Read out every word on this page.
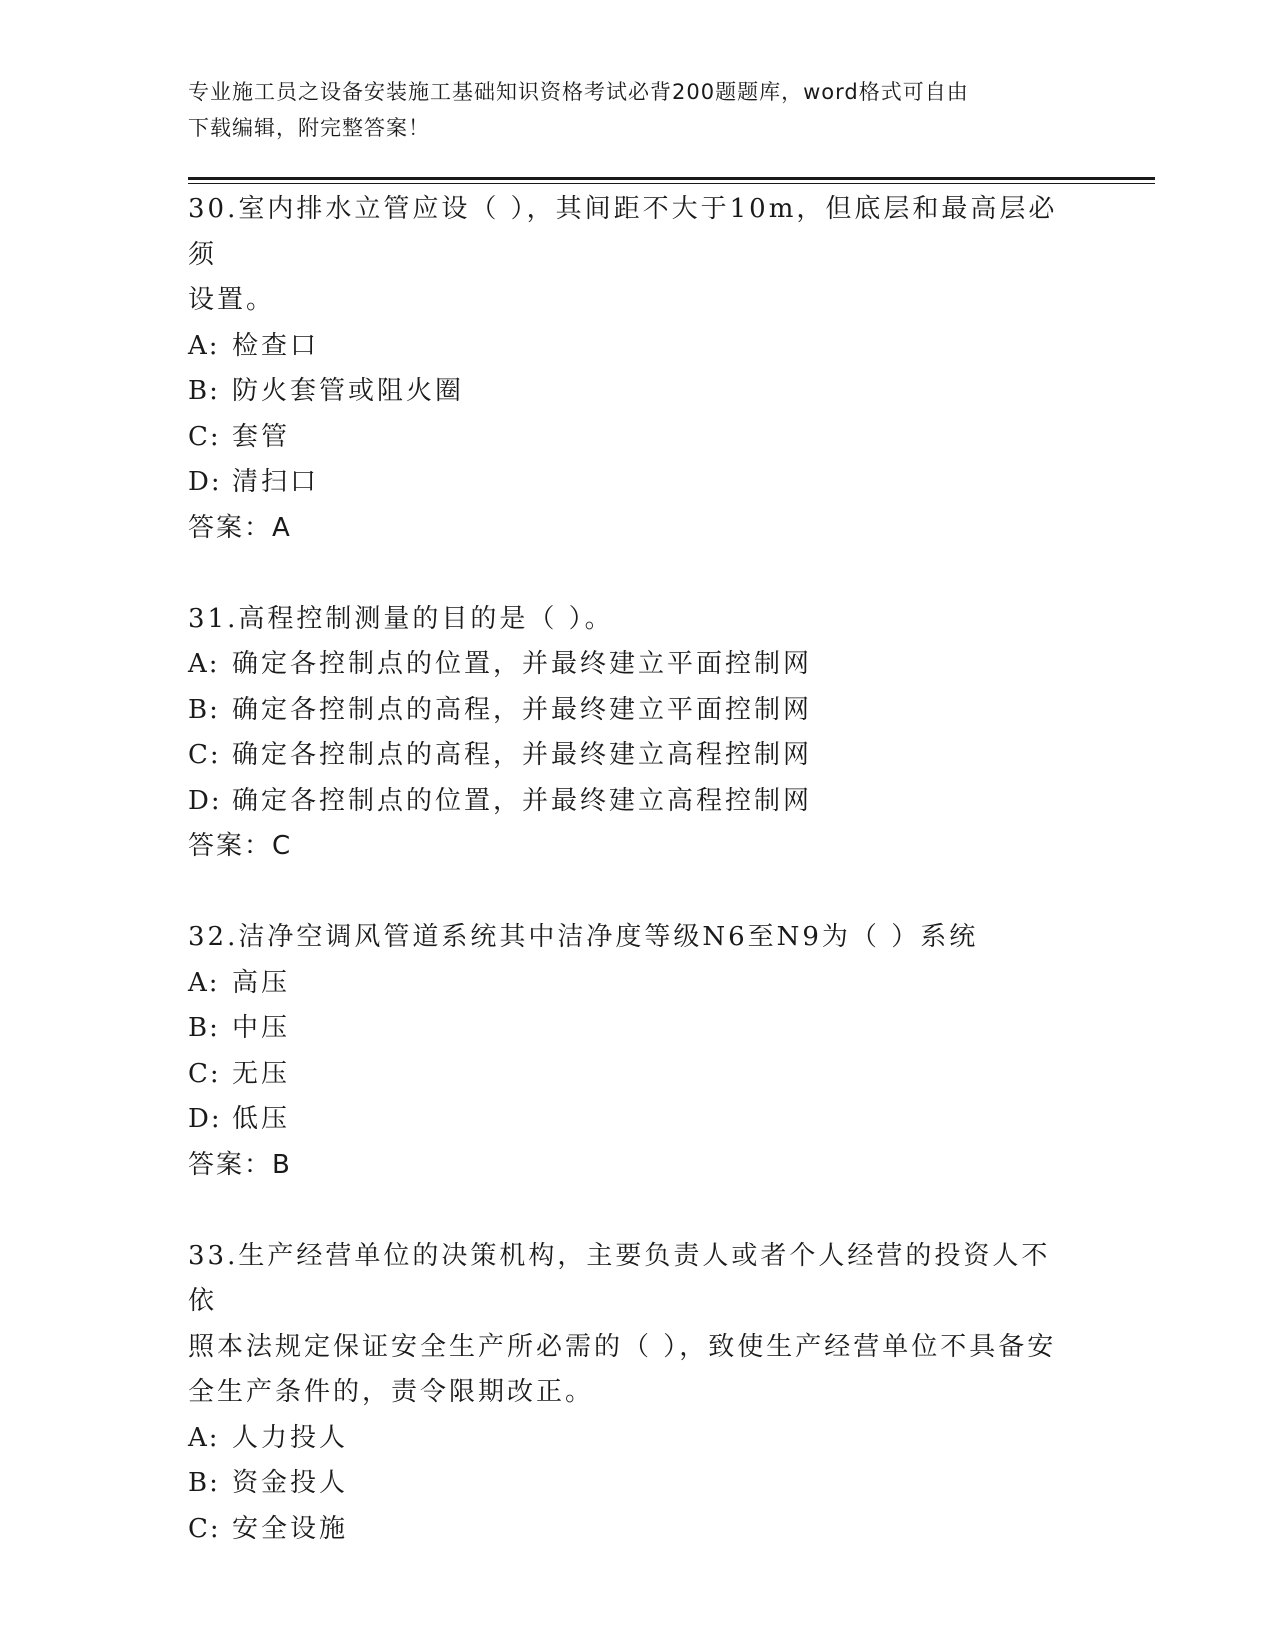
专业施工员之设备安装施工基础知识资格考试必背200题题库，word格式可自由
下载编辑，附完整答案！
30.室内排水立管应设（ ），其间距不大于10m，但底层和最高层必须
设置。
A: 检查口
B: 防火套管或阻火圈
C: 套管
D: 清扫口
答案：A
31.高程控制测量的目的是（ ）。
A: 确定各控制点的位置，并最终建立平面控制网
B: 确定各控制点的高程，并最终建立平面控制网
C: 确定各控制点的高程，并最终建立高程控制网
D: 确定各控制点的位置，并最终建立高程控制网
答案：C
32.洁净空调风管道系统其中洁净度等级N6至N9为（ ）系统
A: 高压
B: 中压
C: 无压
D: 低压
答案：B
33.生产经营单位的决策机构，主要负责人或者个人经营的投资人不依
照本法规定保证安全生产所必需的（ ），致使生产经营单位不具备安
全生产条件的，责令限期改正。
A: 人力投人
B: 资金投人
C: 安全设施
